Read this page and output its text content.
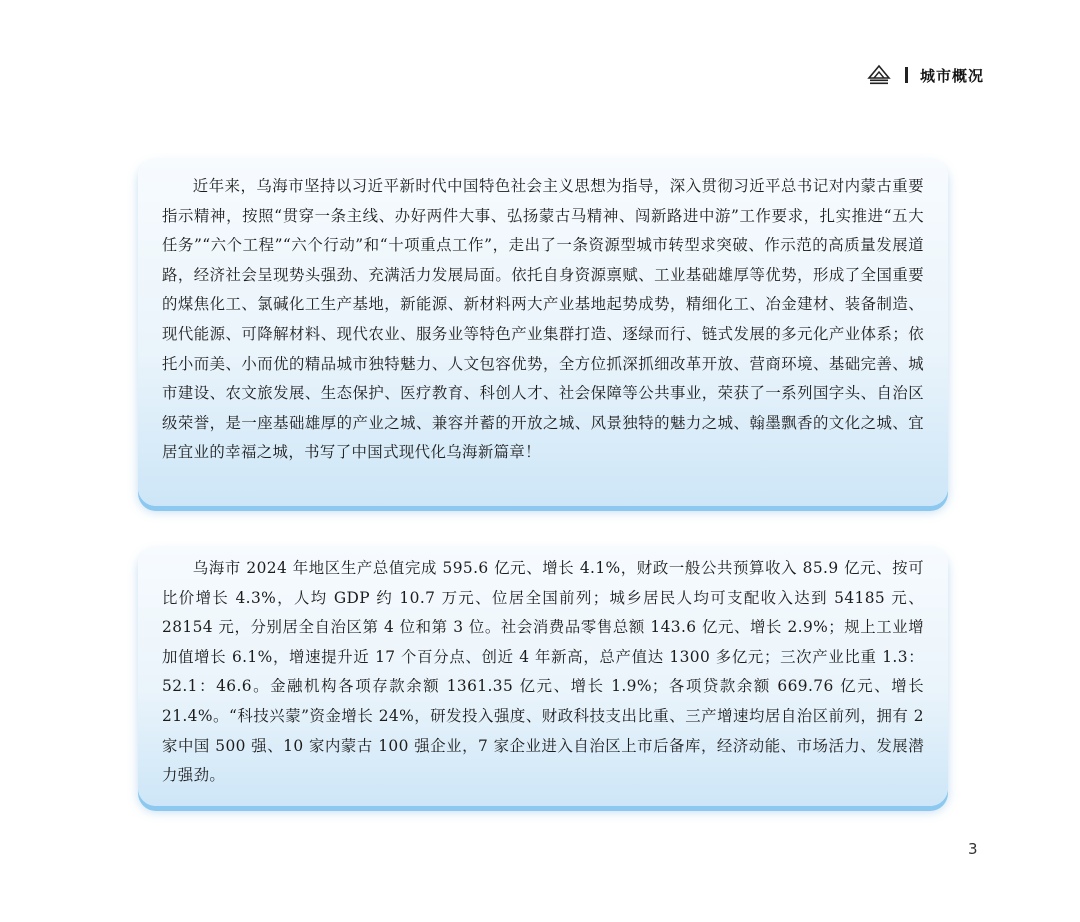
城市概况

近年来，乌海市坚持以习近平新时代中国特色社会主义思想为指导，深入贯彻习近平总书记对内蒙古重要指示精神，按照“贯穿一条主线、办好两件大事、弘扬蒙古马精神、闯新路进中游”工作要求，扎实推进“五大任务”“六个工程”“六个行动”和“十项重点工作”，走出了一条资源型城市转型求突破、作示范的高质量发展道路，经济社会呈现势头强劲、充满活力发展局面。依托自身资源禀赋、工业基础雄厚等优势，形成了全国重要的煤焦化工、氯碱化工生产基地，新能源、新材料两大产业基地起势成势，精细化工、冶金建材、装备制造、现代能源、可降解材料、现代农业、服务业等特色产业集群打造、逐绿而行、链式发展的多元化产业体系；依托小而美、小而优的精品城市独特魅力、人文包容优势，全方位抓深抓细改革开放、营商环境、基础完善、城市建设、农文旅发展、生态保护、医疗教育、科创人才、社会保障等公共事业，荣获了一系列国字头、自治区级荣誉，是一座基础雄厚的产业之城、兼容并蓄的开放之城、风景独特的魅力之城、翰墨飘香的文化之城、宜居宜业的幸福之城，书写了中国式现代化乌海新篇章！

乌海市 2024 年地区生产总值完成 595.6 亿元、增长 4.1%，财政一般公共预算收入 85.9 亿元、按可比价增长 4.3%，人均 GDP 约 10.7 万元、位居全国前列；城乡居民人均可支配收入达到 54185 元、28154 元，分别居全自治区第 4 位和第 3 位。社会消费品零售总额 143.6 亿元、增长 2.9%；规上工业增加值增长 6.1%，增速提升近 17 个百分点、创近 4 年新高，总产值达 1300 多亿元；三次产业比重 1.3：52.1：46.6。金融机构各项存款余额 1361.35 亿元、增长 1.9%；各项贷款余额 669.76 亿元、增长 21.4%。“科技兴蒙”资金增长 24%，研发投入强度、财政科技支出比重、三产增速均居自治区前列，拥有 2 家中国 500 强、10 家内蒙古 100 强企业，7 家企业进入自治区上市后备库，经济动能、市场活力、发展潜力强劲。

3
